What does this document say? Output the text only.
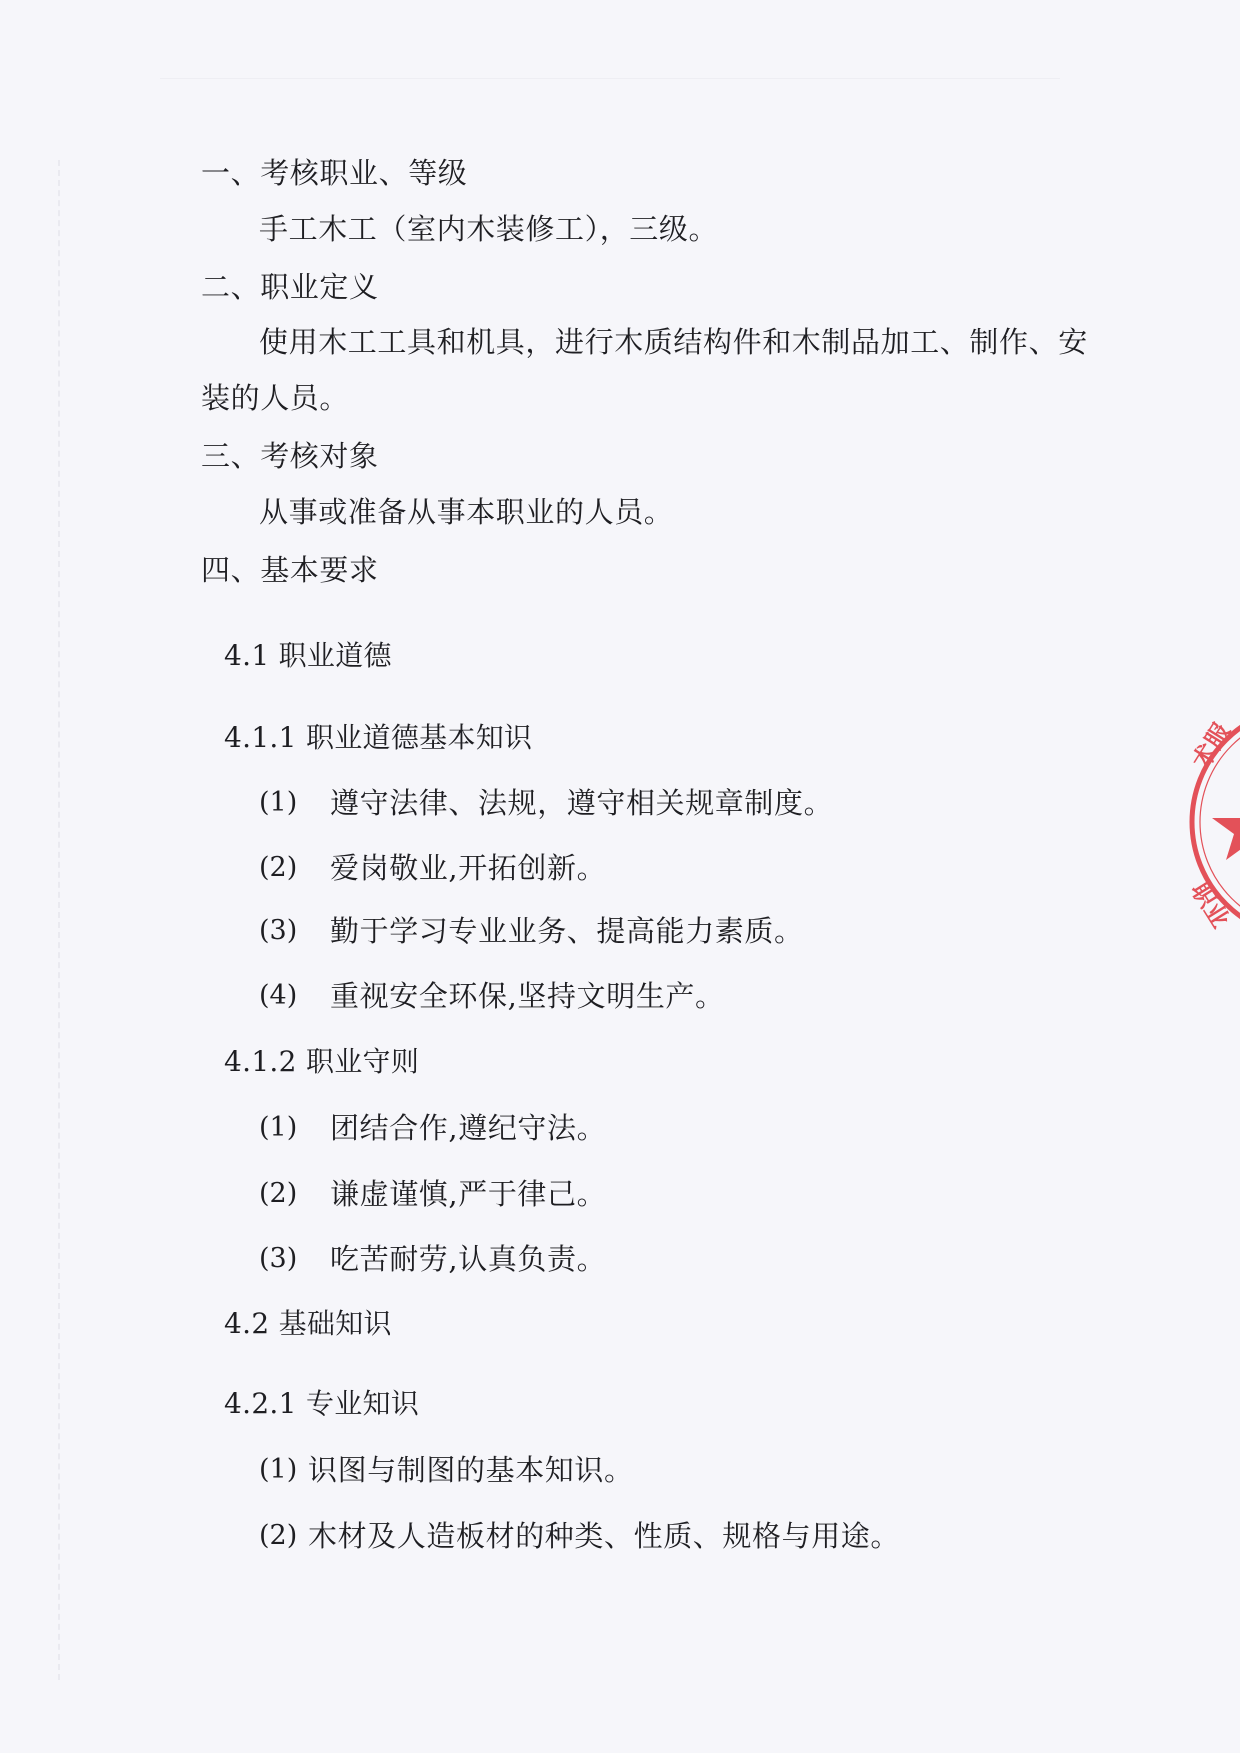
一、考核职业、等级
手工木工（室内木装修工），三级。
二、职业定义
使用木工工具和机具，进行木质结构件和木制品加工、制作、安
装的人员。
三、考核对象
从事或准备从事本职业的人员。
四、基本要求
4.1 职业道德
4.1.1 职业道德基本知识
(1) 遵守法律、法规，遵守相关规章制度。
(2) 爱岗敬业,开拓创新。
(3) 勤于学习专业业务、提高能力素质。
(4) 重视安全环保,坚持文明生产。
4.1.2 职业守则
(1) 团结合作,遵纪守法。
(2) 谦虚谨慎,严于律己。
(3) 吃苦耐劳,认真负责。
4.2 基础知识
4.2.1 专业知识
(1) 识图与制图的基本知识。
(2) 木材及人造板材的种类、性质、规格与用途。
术服
职业
